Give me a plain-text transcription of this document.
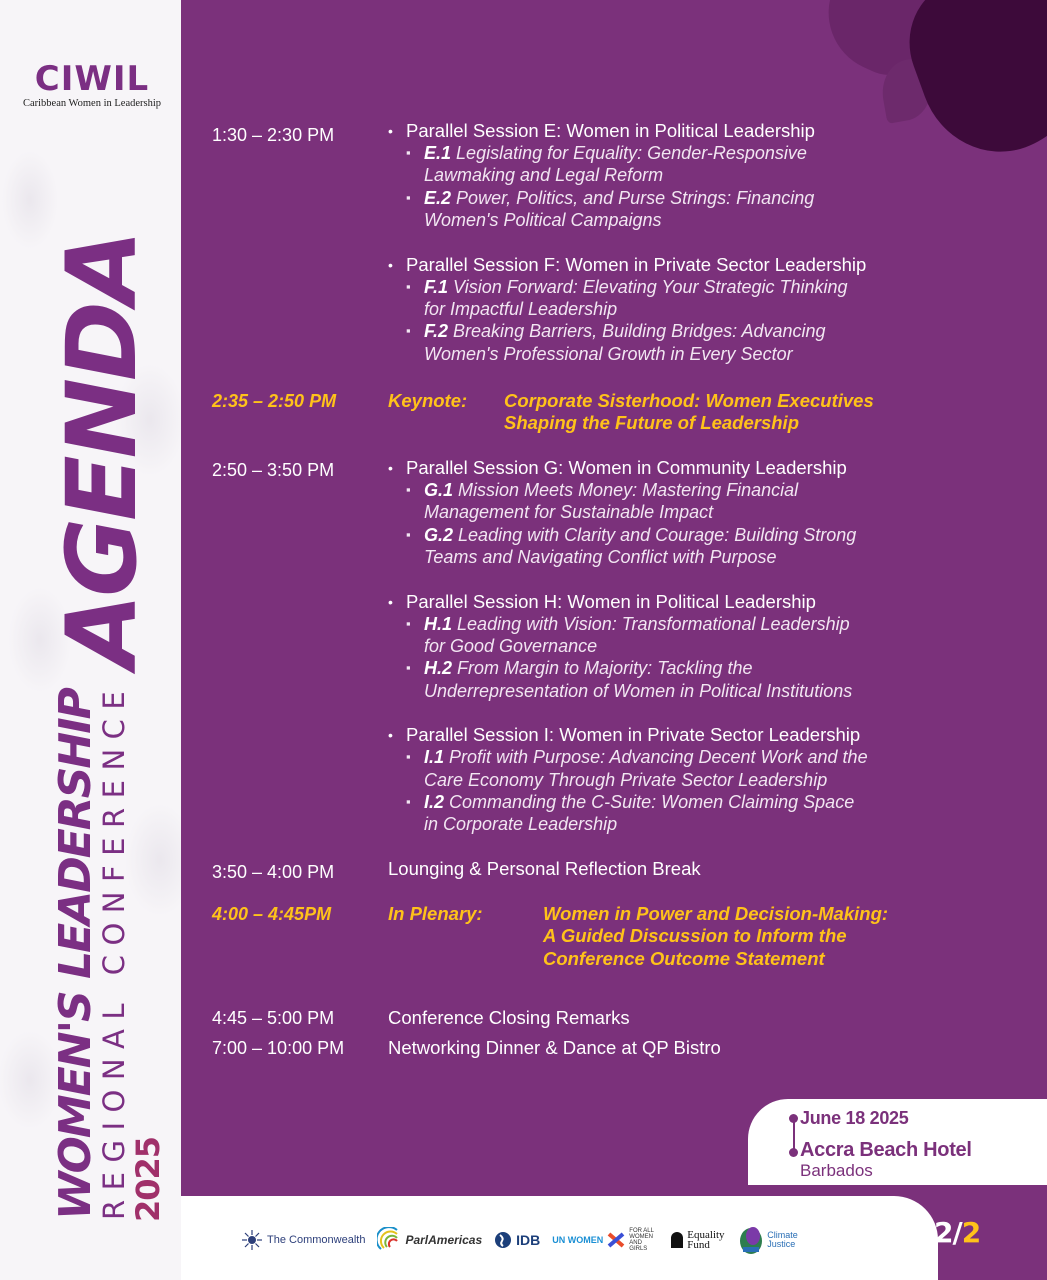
CIWIL
Caribbean Women in Leadership
AGENDA
WOMEN'S LEADERSHIP
REGIONAL CONFERENCE
2025
1:30 – 2:30 PM	• Parallel Session E: Women in Political Leadership
▪ E.1 Legislating for Equality: Gender-Responsive
Lawmaking and Legal Reform
▪ E.2 Power, Politics, and Purse Strings: Financing
Women's Political Campaigns
• Parallel Session F: Women in Private Sector Leadership
▪ F.1 Vision Forward: Elevating Your Strategic Thinking
for Impactful Leadership
▪ F.2 Breaking Barriers, Building Bridges: Advancing
Women's Professional Growth in Every Sector
2:35 – 2:50 PM	Keynote: Corporate Sisterhood: Women Executives
Shaping the Future of Leadership
2:50 – 3:50 PM	• Parallel Session G: Women in Community Leadership
▪ G.1 Mission Meets Money: Mastering Financial
Management for Sustainable Impact
▪ G.2 Leading with Clarity and Courage: Building Strong
Teams and Navigating Conflict with Purpose
• Parallel Session H: Women in Political Leadership
▪ H.1 Leading with Vision: Transformational Leadership
for Good Governance
▪ H.2 From Margin to Majority: Tackling the
Underrepresentation of Women in Political Institutions
• Parallel Session I: Women in Private Sector Leadership
▪ I.1 Profit with Purpose: Advancing Decent Work and the
Care Economy Through Private Sector Leadership
▪ I.2 Commanding the C-Suite: Women Claiming Space
in Corporate Leadership
3:50 – 4:00 PM	Lounging & Personal Reflection Break
4:00 – 4:45PM	In Plenary:	Women in Power and Decision-Making:
A Guided Discussion to Inform the
Conference Outcome Statement
4:45 – 5:00 PM	Conference Closing Remarks
7:00 – 10:00 PM	Networking Dinner & Dance at QP Bistro
June 18 2025
Accra Beach Hotel
Barbados
The Commonwealth	ParlAmericas IDB UN WOMEN
FOR ALL WOMEN AND GIRLS
Equality Fund
Climate Justice	2/2
